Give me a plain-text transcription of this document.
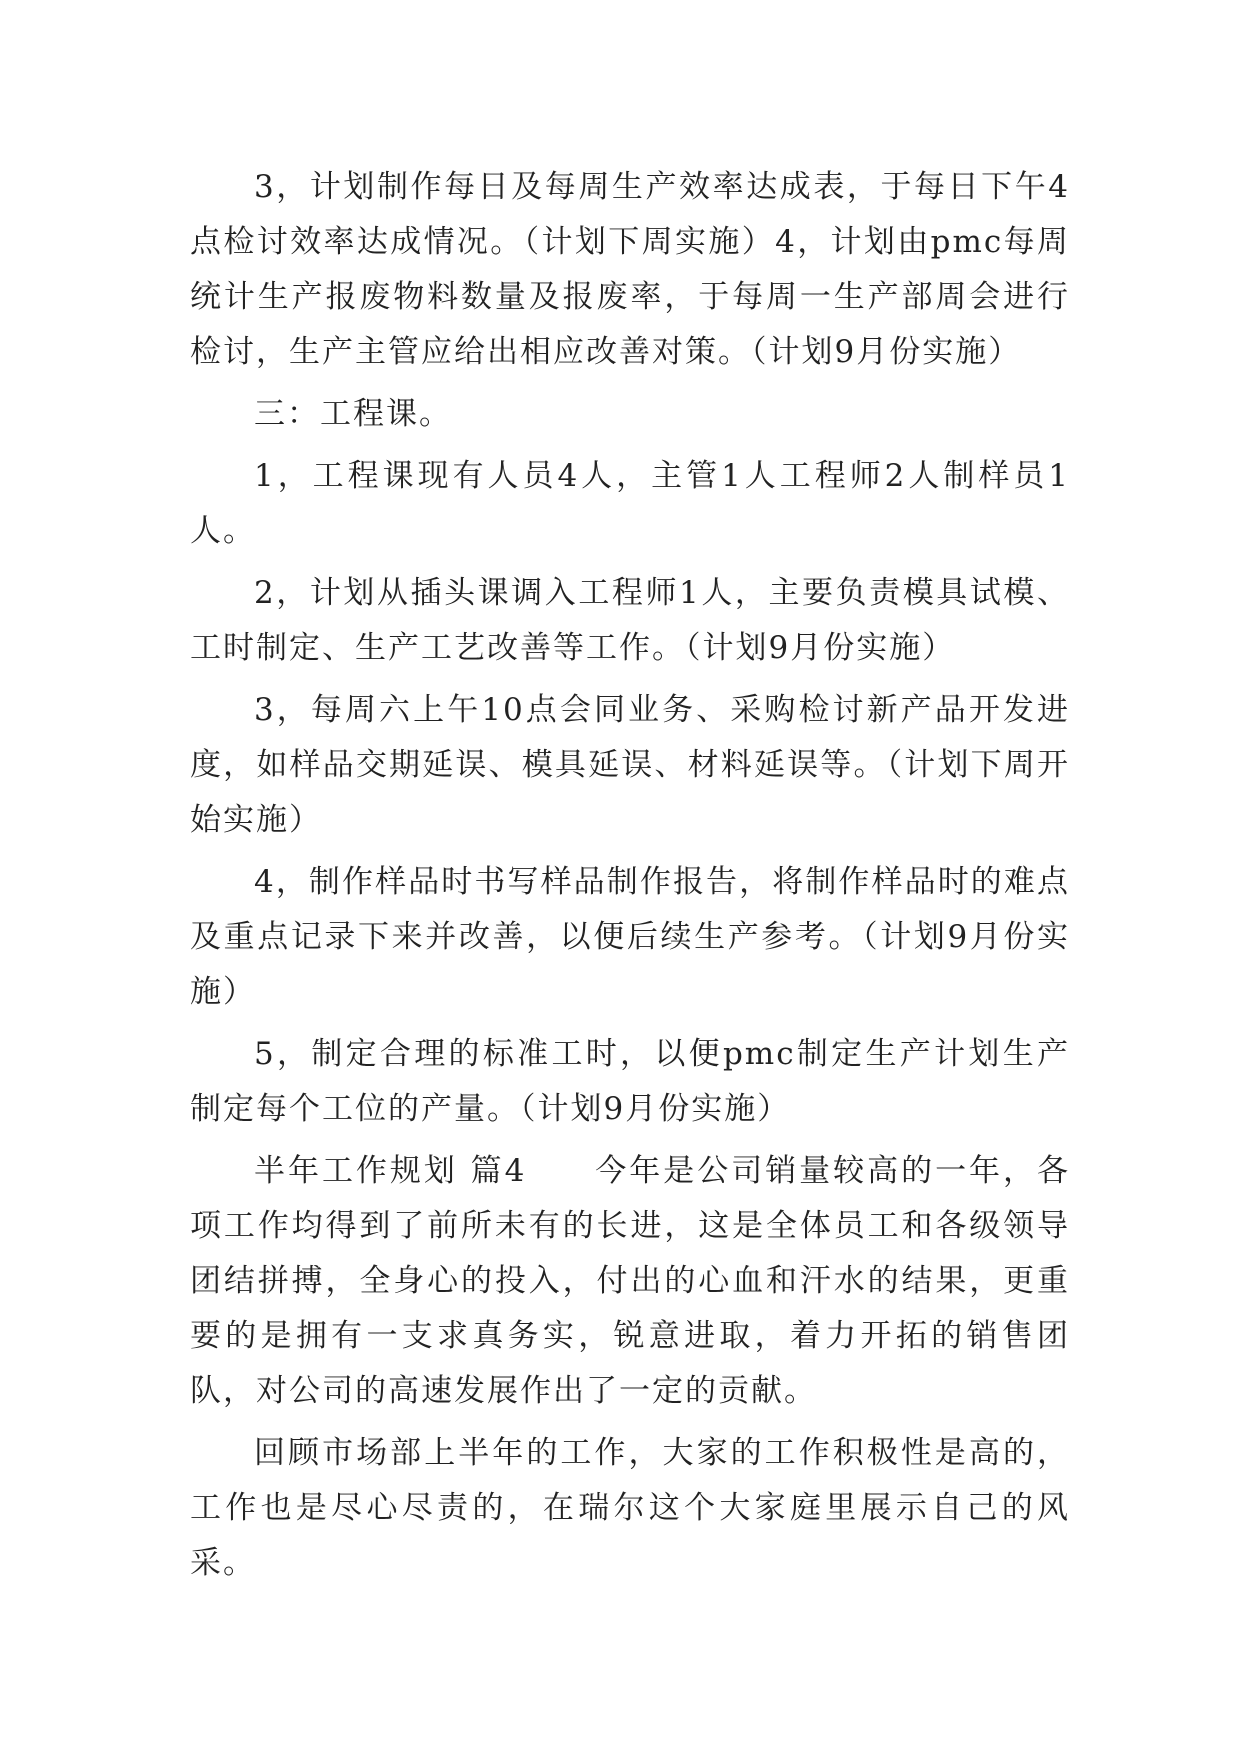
3，计划制作每日及每周生产效率达成表，于每日下午4点检讨效率达成情况。（计划下周实施）4，计划由pmc每周统计生产报废物料数量及报废率，于每周一生产部周会进行检讨，生产主管应给出相应改善对策。（计划9月份实施）

三：工程课。

1，工程课现有人员4人，主管1人工程师2人制样员1人。

2，计划从插头课调入工程师1人，主要负责模具试模、工时制定、生产工艺改善等工作。（计划9月份实施）

3，每周六上午10点会同业务、采购检讨新产品开发进度，如样品交期延误、模具延误、材料延误等。（计划下周开始实施）

4，制作样品时书写样品制作报告，将制作样品时的难点及重点记录下来并改善，以便后续生产参考。（计划9月份实施）

5，制定合理的标准工时，以便pmc制定生产计划生产制定每个工位的产量。（计划9月份实施）

半年工作规划 篇4　　今年是公司销量较高的一年，各项工作均得到了前所未有的长进，这是全体员工和各级领导团结拼搏，全身心的投入，付出的心血和汗水的结果，更重要的是拥有一支求真务实，锐意进取，着力开拓的销售团队，对公司的高速发展作出了一定的贡献。

回顾市场部上半年的工作，大家的工作积极性是高的，工作也是尽心尽责的，在瑞尔这个大家庭里展示自己的风采。
